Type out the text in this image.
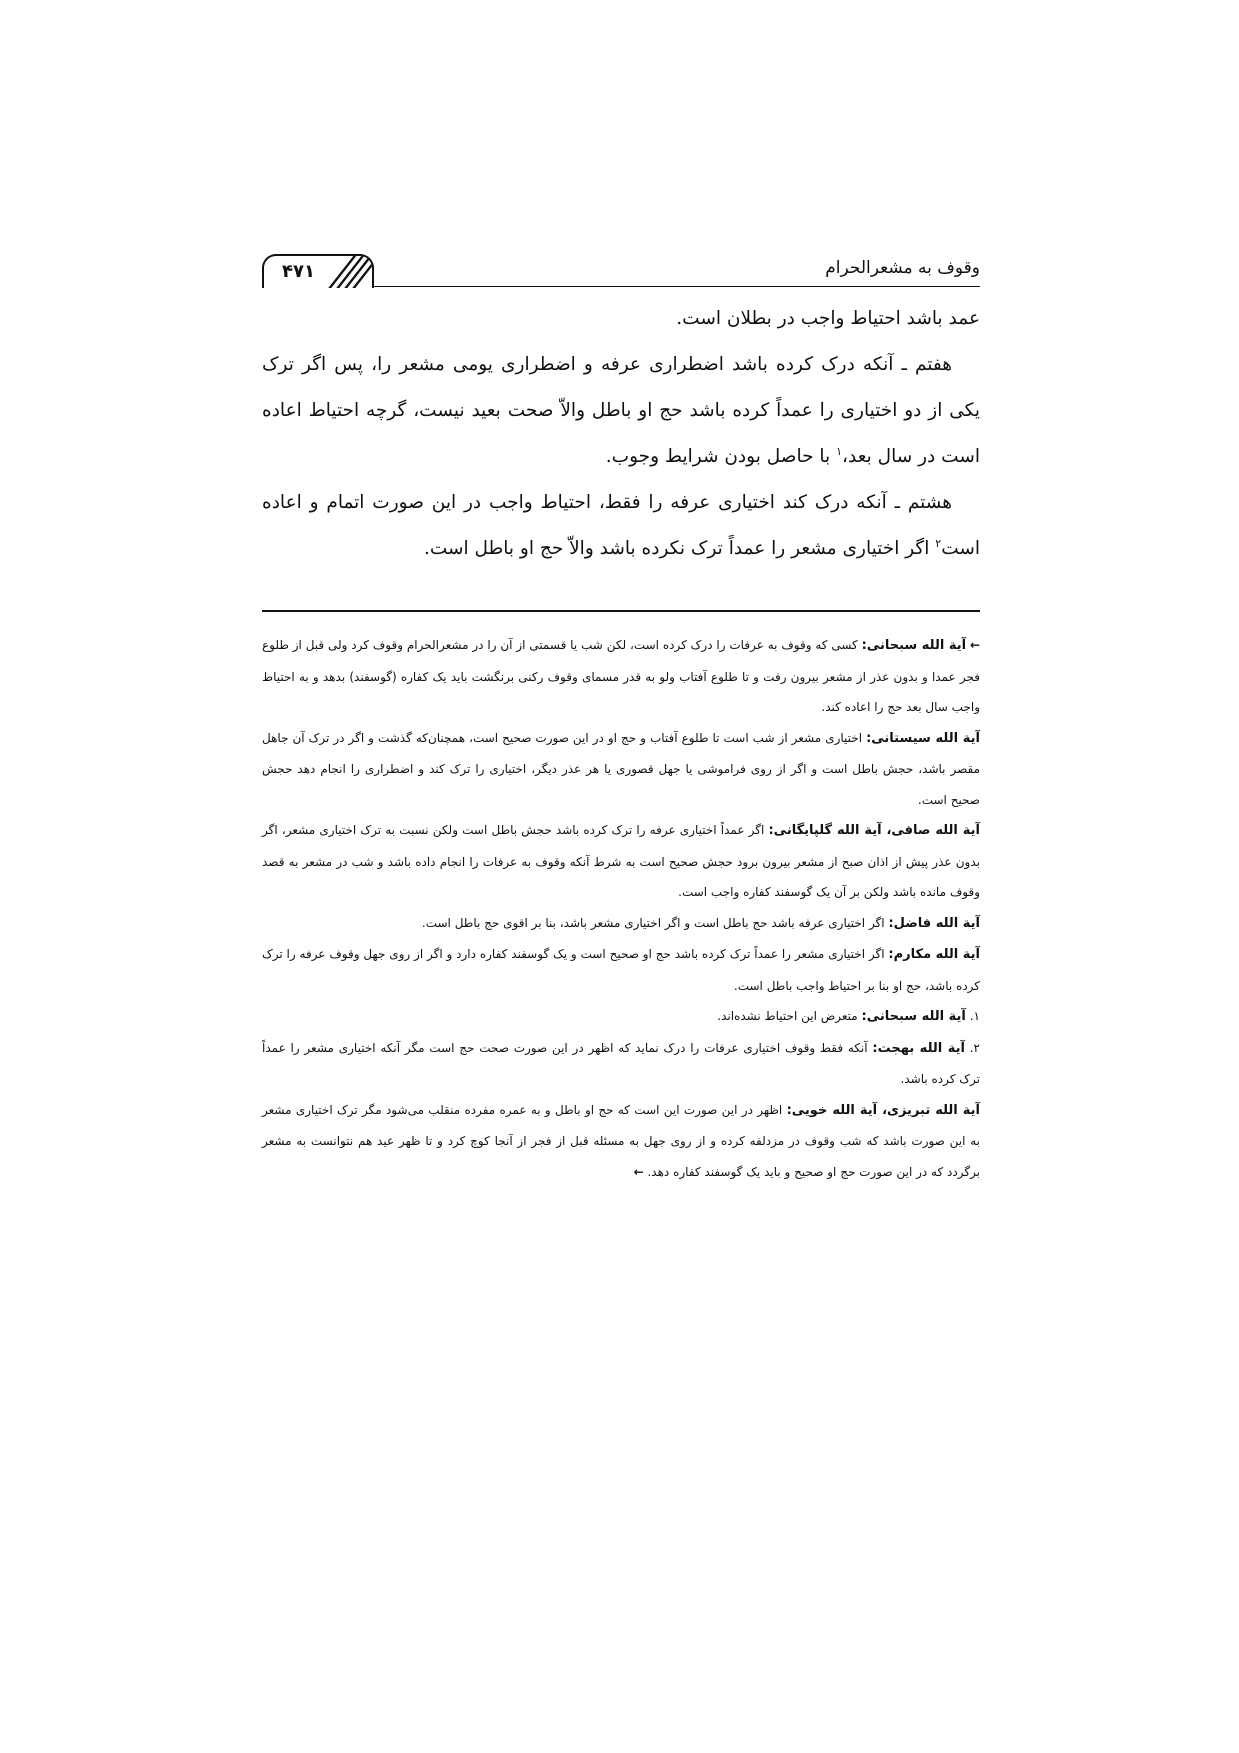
وقوف به مشعرالحرام
۴۷۱

عمد باشد احتیاط واجب در بطلان است.

هفتم ـ آنکه درک کرده باشد اضطراری عرفه و اضطراری یومی مشعر را، پس اگر ترک یکی از دو اختیاری را عمداً کرده باشد حج او باطل والاّ صحت بعید نیست، گرچه احتیاط اعاده است در سال بعد،$^۱$ با حاصل بودن شرایط وجوب.

هشتم ـ آنکه درک کند اختیاری عرفه را فقط، احتیاط واجب در این صورت اتمام و اعاده است$^۲$ اگر اختیاری مشعر را عمداً ترک نکرده باشد والاّ حج او باطل است.

← آیة الله سبحانی: کسی که وقوف به عرفات را درک کرده است، لکن شب یا قسمتی از آن را در مشعرالحرام وقوف کرد ولی قبل از طلوع فجر عمدا و بدون عذر از مشعر بیرون رفت و تا طلوع آفتاب ولو به قدر مسمای وقوف رکنی برنگشت باید یک کفاره (گوسفند) بدهد و به احتیاط واجب سال بعد حج را اعاده کند.

آیة الله سیستانی: اختیاری مشعر از شب است تا طلوع آفتاب و حج او در این صورت صحیح است، همچنان‌که گذشت و اگر در ترک آن جاهل مقصر باشد، حجش باطل است و اگر از روی فراموشی یا جهل قصوری یا هر عذر دیگر، اختیاری را ترک کند و اضطراری را انجام دهد حجش صحیح است.

آیة الله صافی، آیة الله گلپایگانی: اگر عمداً اختیاری عرفه را ترک کرده باشد حجش باطل است ولکن نسبت به ترک اختیاری مشعر، اگر بدون عذر پیش از اذان صبح از مشعر بیرون برود حجش صحیح است به شرط آنکه وقوف به عرفات را انجام داده باشد و شب در مشعر به قصد وقوف مانده باشد ولکن بر آن یک گوسفند کفاره واجب است.

آیة الله فاضل: اگر اختیاری عرفه باشد حج باطل است و اگر اختیاری مشعر باشد، بنا بر اقوی حج باطل است.

آیة الله مکارم: اگر اختیاری مشعر را عمداً ترک کرده باشد حج او صحیح است و یک گوسفند کفاره دارد و اگر از روی جهل وقوف عرفه را ترک کرده باشد، حج او بنا بر احتیاط واجب باطل است.

۱. آیة الله سبحانی: متعرض این احتیاط نشده‌اند.

۲. آیة الله بهجت: آنکه فقط وقوف اختیاری عرفات را درک نماید که اظهر در این صورت صحت حج است مگر آنکه اختیاری مشعر را عمداً ترک کرده باشد.

آیة الله تبریزی، آیة الله خویی: اظهر در این صورت این است که حج او باطل و به عمره مفرده منقلب می‌شود مگر ترک اختیاری مشعر به این صورت باشد که شب وقوف در مزدلفه کرده و از روی جهل به مسئله قبل از فجر از آنجا کوچ کرد و تا ظهر عید هم نتوانست به مشعر برگردد که در این صورت حج او صحیح و باید یک گوسفند کفاره دهد. ←
